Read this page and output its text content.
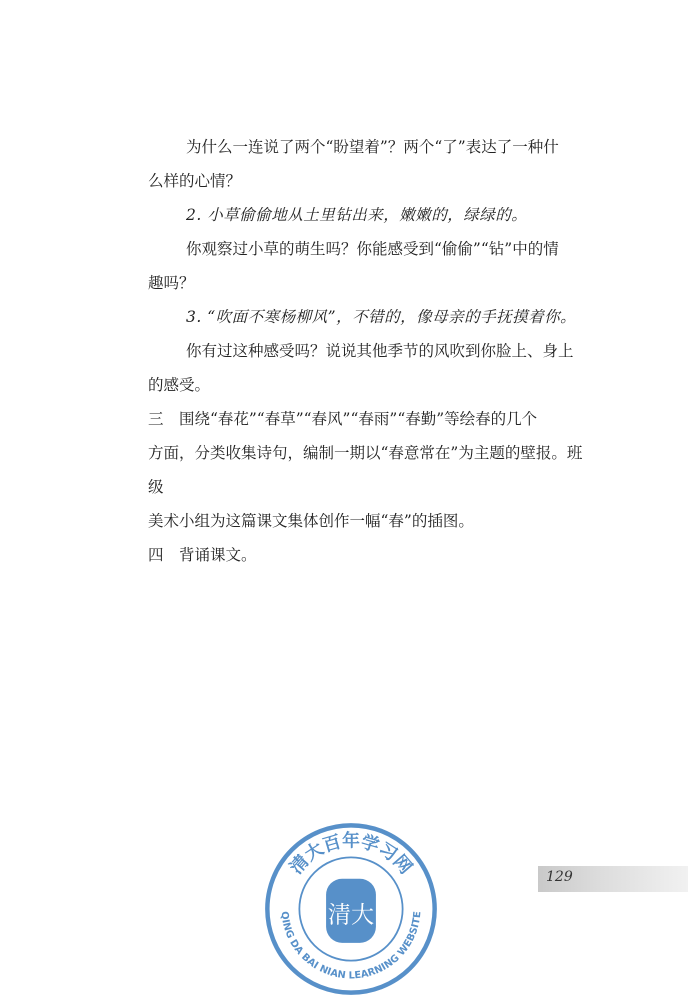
为什么一连说了两个“盼望着”？两个“了”表达了一种什

么样的心情？

2. 小草偷偷地从土里钻出来，嫩嫩的，绿绿的。

你观察过小草的萌生吗？你能感受到“偷偷”“钻”中的情

趣吗？

3. “吹面不寒杨柳风”，不错的，像母亲的手抚摸着你。

你有过这种感受吗？说说其他季节的风吹到你脸上、身上

的感受。

三 围绕“春花”“春草”“春风”“春雨”“春勤”等绘春的几个

方面，分类收集诗句，编制一期以“春意常在”为主题的壁报。班级

美术小组为这篇课文集体创作一幅“春”的插图。

四 背诵课文。

129
清大百年学习网
QING DA BAI NIAN LEARNING WEBSITE
清大
